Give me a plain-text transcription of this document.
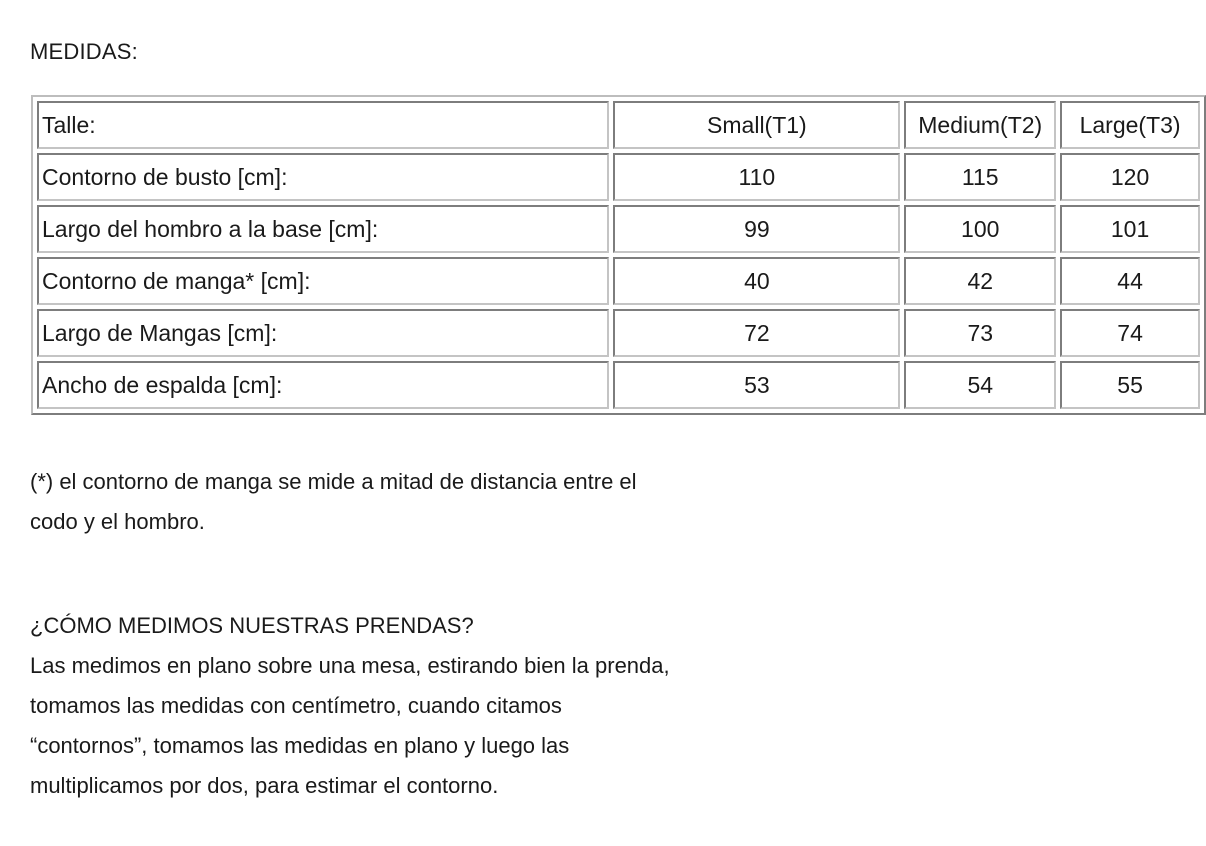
MEDIDAS:
Talle:	Small(T1)	Medium(T2)	Large(T3)
Contorno de busto [cm]:	110	115	120
Largo del hombro a la base [cm]:	99	100	101
Contorno de manga* [cm]:	40	42	44
Largo de Mangas [cm]:	72	73	74
Ancho de espalda [cm]:	53	54	55
(*) el contorno de manga se mide a mitad de distancia entre el
codo y el hombro.
¿CÓMO MEDIMOS NUESTRAS PRENDAS?
Las medimos en plano sobre una mesa, estirando bien la prenda,
tomamos las medidas con centímetro, cuando citamos
“contornos”, tomamos las medidas en plano y luego las
multiplicamos por dos, para estimar el contorno.
